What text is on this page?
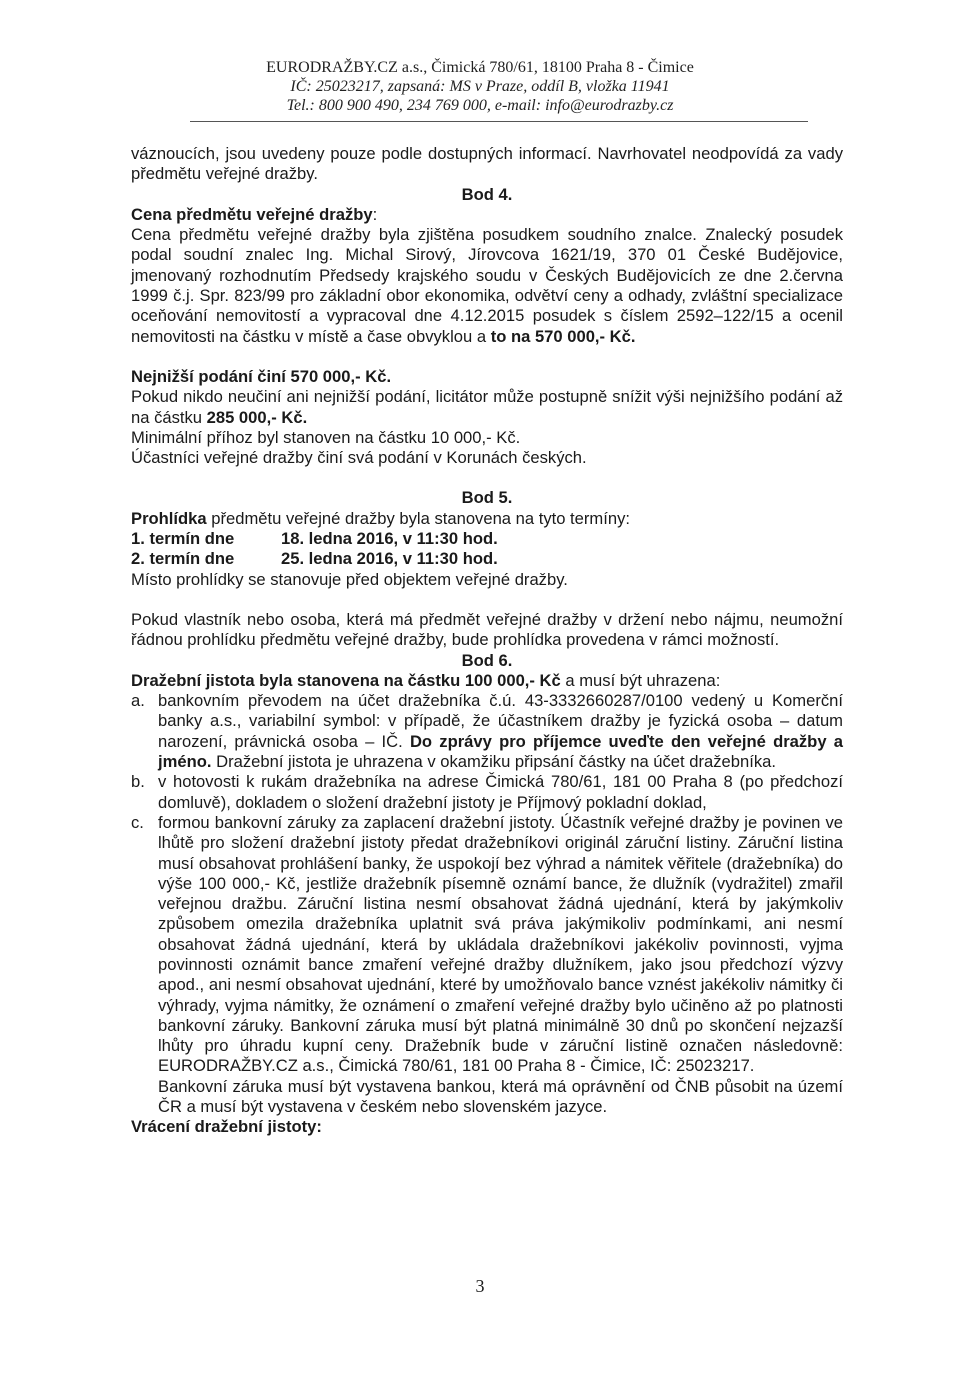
EURODRAŽBY.CZ a.s., Čimická 780/61, 18100 Praha 8 - Čimice
IČ: 25023217, zapsaná: MS v Praze, oddíl B, vložka 11941
Tel.: 800 900 490, 234 769 000, e-mail: info@eurodrazby.cz

váznoucích, jsou uvedeny pouze podle dostupných informací. Navrhovatel neodpovídá za vady předmětu veřejné dražby.

Bod 4.

Cena předmětu veřejné dražby:

Cena předmětu veřejné dražby byla zjištěna posudkem soudního znalce. Znalecký posudek podal soudní znalec Ing. Michal Sirový, Jírovcova 1621/19, 370 01 České Budějovice, jmenovaný rozhodnutím Předsedy krajského soudu v Českých Budějovicích ze dne 2.června 1999 č.j. Spr. 823/99 pro základní obor ekonomika, odvětví ceny a odhady, zvláštní specializace oceňování nemovitostí a vypracoval dne 4.12.2015 posudek s číslem 2592–122/15 a ocenil nemovitosti na částku v místě a čase obvyklou a to na 570 000,- Kč.

Nejnižší podání činí 570 000,- Kč.

Pokud nikdo neučiní ani nejnižší podání, licitátor může postupně snížit výši nejnižšího podání až na částku 285 000,- Kč.

Minimální příhoz byl stanoven na částku 10 000,- Kč.

Účastníci veřejné dražby činí svá podání v Korunách českých.

Bod 5.

Prohlídka předmětu veřejné dražby byla stanovena na tyto termíny:

1. termín dne	18. ledna 2016, v 11:30 hod.
2. termín dne	25. ledna 2016, v 11:30 hod.

Místo prohlídky se stanovuje před objektem veřejné dražby.

Pokud vlastník nebo osoba, která má předmět veřejné dražby v držení nebo nájmu, neumožní řádnou prohlídku předmětu veřejné dražby, bude prohlídka provedena v rámci možností.

Bod 6.

Dražební jistota byla stanovena na částku 100 000,- Kč a musí být uhrazena:

a. bankovním převodem na účet dražebníka č.ú. 43-3332660287/0100 vedený u Komerční banky a.s., variabilní symbol: v případě, že účastníkem dražby je fyzická osoba – datum narození, právnická osoba – IČ. Do zprávy pro příjemce uveďte den veřejné dražby a jméno. Dražební jistota je uhrazena v okamžiku připsání částky na účet dražebníka.
b. v hotovosti k rukám dražebníka na adrese Čimická 780/61, 181 00 Praha 8 (po předchozí domluvě), dokladem o složení dražební jistoty je Příjmový pokladní doklad,
c. formou bankovní záruky za zaplacení dražební jistoty. Účastník veřejné dražby je povinen ve lhůtě pro složení dražební jistoty předat dražebníkovi originál záruční listiny. Záruční listina musí obsahovat prohlášení banky, že uspokojí bez výhrad a námitek věřitele (dražebníka) do výše 100 000,- Kč, jestliže dražebník písemně oznámí bance, že dlužník (vydražitel) zmařil veřejnou dražbu. Záruční listina nesmí obsahovat žádná ujednání, která by jakýmkoliv způsobem omezila dražebníka uplatnit svá práva jakýmikoliv podmínkami, ani nesmí obsahovat žádná ujednání, která by ukládala dražebníkovi jakékoliv povinnosti, vyjma povinnosti oznámit bance zmaření veřejné dražby dlužníkem, jako jsou předchozí výzvy apod., ani nesmí obsahovat ujednání, které by umožňovalo bance vznést jakékoliv námitky či výhrady, vyjma námitky, že oznámení o zmaření veřejné dražby bylo učiněno až po platnosti bankovní záruky. Bankovní záruka musí být platná minimálně 30 dnů po skončení nejzazší lhůty pro úhradu kupní ceny. Dražebník bude v záruční listině označen následovně: EURODRAŽBY.CZ a.s., Čimická 780/61, 181 00 Praha 8 - Čimice, IČ: 25023217.

Bankovní záruka musí být vystavena bankou, která má oprávnění od ČNB působit na území ČR a musí být vystavena v českém nebo slovenském jazyce.

Vrácení dražební jistoty:

3
